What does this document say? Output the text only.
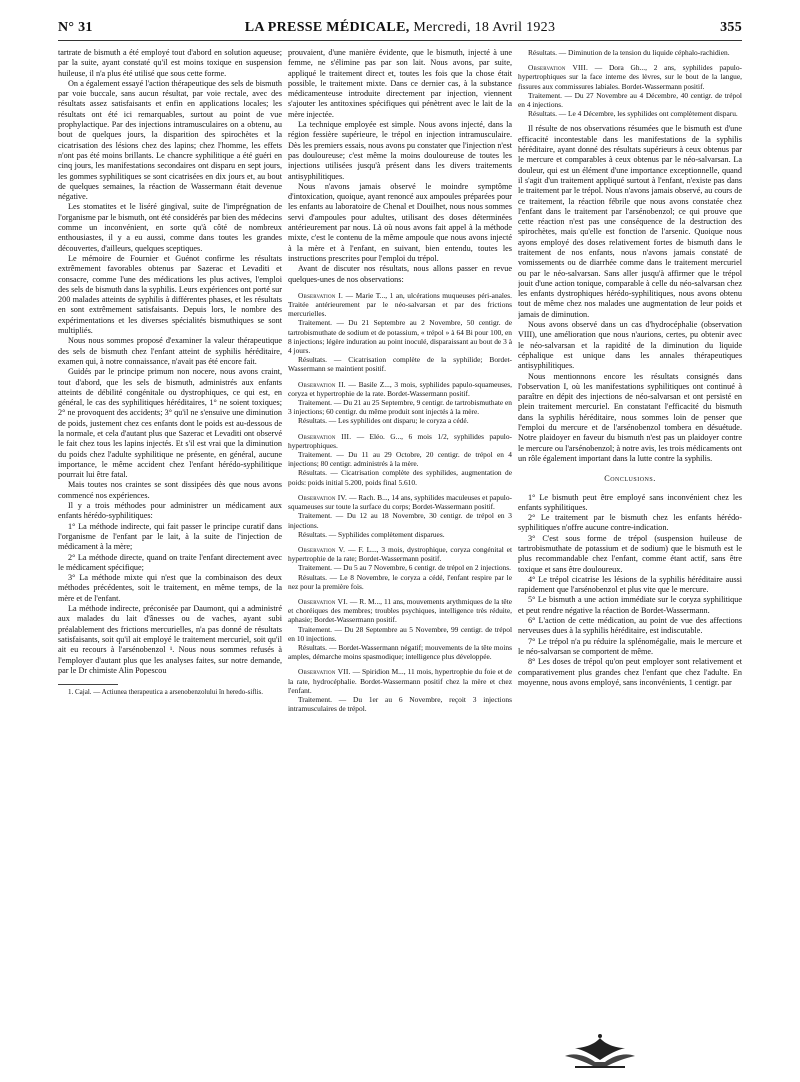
N° 31	LA PRESSE MÉDICALE, Mercredi, 18 Avril 1923	355

tartrate de bismuth a été employé tout d'abord en solution aqueuse; par la suite, ayant constaté qu'il est moins toxique en suspension huileuse, il n'a plus été utilisé que sous cette forme.

On a également essayé l'action thérapeutique des sels de bismuth par voie buccale, sans aucun résultat, par voie rectale, avec des résultats assez satisfaisants et enfin en applications locales; les résultats ont été ici remarquables, surtout au point de vue prophylactique. Par des injections intramusculaires on a obtenu, au bout de quelques jours, la disparition des spirochètes et la cicatrisation des lésions chez des lapins; chez l'homme, les effets n'ont pas été moins brillants. Le chancre syphilitique a été guéri en cinq jours, les manifestations secondaires ont disparu en sept jours, les gommes syphilitiques se sont cicatrisées en dix jours et, au bout de quelques semaines, la réaction de Wassermann était devenue négative.

Les stomatites et le liséré gingival, suite de l'imprégnation de l'organisme par le bismuth, ont été considérés par bien des médecins comme un inconvénient, en sorte qu'à côté de nombreux enthousiastes, il y a eu aussi, comme dans toutes les grandes découvertes, d'ailleurs, quelques sceptiques.

Le mémoire de Fournier et Guénot confirme les résultats extrêmement favorables obtenus par Sazerac et Levaditi et consacre, comme l'une des médications les plus actives, l'emploi des sels de bismuth dans la syphilis. Leurs expériences ont porté sur 200 malades atteints de syphilis à différentes phases, et les résultats en sont extrêmement satisfaisants. Depuis lors, le nombre des expérimentations et les diverses spécialités bismuthiques se sont multipliés.

Nous nous sommes proposé d'examiner la valeur thérapeutique des sels de bismuth chez l'enfant atteint de syphilis héréditaire, examen qui, à notre connaissance, n'avait pas été encore fait.

Guidés par le principe primum non nocere, nous avons craint, tout d'abord, que les sels de bismuth, administrés aux enfants atteints de débilité congénitale ou dystrophiques, ce qui est, en général, le cas des syphilitiques héréditaires, 1° ne soient toxiques; 2° ne provoquent des accidents; 3° qu'il ne s'ensuive une diminution de poids, justement chez ces enfants dont le poids est au-dessous de la normale, et cela d'autant plus que Sazerac et Levaditi ont observé le fait chez tous les lapins injectés. Et s'il est vrai que la diminution du poids chez l'adulte syphilitique ne présente, en général, aucune importance, le même accident chez l'enfant hérédo-syphilitique pourrait lui être fatal.

Mais toutes nos craintes se sont dissipées dès que nous avons commencé nos expériences.

Il y a trois méthodes pour administrer un médicament aux enfants hérédo-syphilitiques:

1° La méthode indirecte, qui fait passer le principe curatif dans l'organisme de l'enfant par le lait, à la suite de l'injection de médicament à la mère;

2° La méthode directe, quand on traite l'enfant directement avec le médicament spécifique;

3° La méthode mixte qui n'est que la combinaison des deux méthodes précédentes, soit le traitement, en même temps, de la mère et de l'enfant.

La méthode indirecte, préconisée par Daumont, qui a administré aux malades du lait d'ânesses ou de vaches, ayant subi préalablement des frictions mercurielles, n'a pas donné de résultats satisfaisants, soit qu'il ait employé le traitement mercuriel, soit qu'il ait eu recours à l'arsénobenzol ¹. Nous nous sommes refusés à l'employer d'autant plus que les analyses faites, sur notre demande, par le Dr chimiste Alin Popescou

1. Cajal. — Actiunea therapeutica a arsenobenzolului în heredo-siflis.

prouvaient, d'une manière évidente, que le bismuth, injecté à une femme, ne s'élimine pas par son lait. Nous avons, par suite, appliqué le traitement direct et, toutes les fois que la chose était possible, le traitement mixte. Dans ce dernier cas, à la substance médicamenteuse introduite directement par injection, viennent s'ajouter les antitoxines spécifiques qui pénètrent avec le lait de la mère injectée.

La technique employée est simple. Nous avons injecté, dans la région fessière supérieure, le trépol en injection intramusculaire. Dès les premiers essais, nous avons pu constater que l'injection n'est pas douloureuse; c'est même la moins douloureuse de toutes les injections utilisées jusqu'à présent dans les divers traitements antisyphilitiques.

Nous n'avons jamais observé le moindre symptôme d'intoxication, quoique, ayant renoncé aux ampoules préparées pour les enfants au laboratoire de Chenal et Douilhet, nous nous sommes servi d'ampoules pour adultes, utilisant des doses déterminées antérieurement par nous. Là où nous avons fait appel à la méthode mixte, c'est le contenu de la même ampoule que nous avons injecté à la mère et à l'enfant, en suivant, bien entendu, toutes les instructions prescrites pour l'emploi du trépol.

Avant de discuter nos résultats, nous allons passer en revue quelques-unes de nos observations:

Observation I. — Marie T..., 1 an, ulcérations muqueuses péri-anales. Traitée antérieurement par le néo-salvarsan et par des frictions mercurielles.

Traitement. — Du 21 Septembre au 2 Novembre, 50 centigr. de tartrobismuthate de sodium et de potassium, « trépol » à 64 Bi pour 100, en 8 injections; légère induration au point inoculé, disparaissant au bout de 3 à 4 jours.

Résultats. — Cicatrisation complète de la syphilide; Bordet-Wassermann se maintient positif.

Observation II. — Basile Z..., 3 mois, syphilides papulo-squameuses, coryza et hypertrophie de la rate. Bordet-Wassermann positif.

Traitement. — Du 21 au 25 Septembre, 9 centigr. de tartrobismuthate en 3 injections; 60 centigr. du même produit sont injectés à la mère.

Résultats. — Les syphilides ont disparu; le coryza a cédé.

Observation III. — Eléo. G..., 6 mois 1/2, syphilides papulo-hypertrophiques.

Traitement. — Du 11 au 29 Octobre, 20 centigr. de trépol en 4 injections; 80 centigr. administrés à la mère.

Résultats. — Cicatrisation complète des syphilides, augmentation de poids: poids initial 5.200, poids final 5.610.

Observation IV. — Rach. B..., 14 ans, syphilides maculeuses et papulo-squameuses sur toute la surface du corps; Bordet-Wassermann positif.

Traitement. — Du 12 au 18 Novembre, 30 centigr. de trépol en 3 injections.

Résultats. — Syphilides complètement disparues.

Observation V. — F. L..., 3 mois, dystrophique, coryza congénital et hypertrophie de la rate; Bordet-Wassermann positif.

Traitement. — Du 5 au 7 Novembre, 6 centigr. de trépol en 2 injections.

Résultats. — Le 8 Novembre, le coryza a cédé, l'enfant respire par le nez pour la première fois.

Observation VI. — R. M..., 11 ans, mouvements arythmiques de la tête et choréiques des membres; troubles psychiques, intelligence très réduite, aphasie; Bordet-Wassermann positif.

Traitement. — Du 28 Septembre au 5 Novembre, 99 centigr. de trépol en 10 injections.

Résultats. — Bordet-Wassermann négatif; mouvements de la tête moins amples, démarche moins spasmodique; intelligence plus développée.

Observation VII. — Spiridion M..., 11 mois, hypertrophie du foie et de la rate, hydrocéphalie. Bordet-Wassermann positif chez la mère et chez l'enfant.

Traitement. — Du 1er au 6 Novembre, reçoit 3 injections intramusculaires de trépol.

Résultats. — Diminution de la tension du liquide céphalo-rachidien.

Observation VIII. — Dora Gh..., 2 ans, syphilides papulo-hypertrophiques sur la face interne des lèvres, sur le bout de la langue, fissures aux commissures labiales. Bordet-Wassermann positif.

Traitement. — Du 27 Novembre au 4 Décembre, 40 centigr. de trépol en 4 injections.

Résultats. — Le 4 Décembre, les syphilides ont complètement disparu.

Il résulte de nos observations résumées que le bismuth est d'une efficacité incontestable dans les manifestations de la syphilis héréditaire, ayant donné des résultats supérieurs à ceux obtenus par le mercure et comparables à ceux obtenus par le néo-salvarsan. La douleur, qui est un élément d'une importance exceptionnelle, quand il s'agit d'un traitement appliqué surtout à l'enfant, n'existe pas dans le traitement par le trépol. Nous n'avons jamais observé, au cours de ce traitement, la réaction fébrile que nous avons constatée chez l'enfant dans le traitement par l'arsénobenzol; ce qui prouve que cette réaction n'est pas une conséquence de la destruction des spirochètes, mais qu'elle est fonction de l'arsenic. Quoique nous ayons employé des doses relativement fortes de bismuth dans le traitement de nos enfants, nous n'avons jamais constaté de vomissements ou de diarrhée comme dans le traitement mercuriel ou par le néo-salvarsan. Sans aller jusqu'à affirmer que le trépol jouit d'une action tonique, comparable à celle du néo-salvarsan chez les enfants dystrophiques hérédo-syphilitiques, nous avons obtenu tout de même chez nos malades une augmentation de leur poids et jamais de diminution.

Nous avons observé dans un cas d'hydrocéphalie (observation VIII), une amélioration que nous n'aurions, certes, pu obtenir avec le néo-salvarsan et la rapidité de la diminution du liquide céphalique est unique dans les annales thérapeutiques antisyphilitiques.

Nous mentionnons encore les résultats consignés dans l'observation I, où les manifestations syphilitiques ont continué à paraître en dépit des injections de néo-salvarsan et ont persisté en plein traitement mercuriel. En constatant l'efficacité du bismuth dans la syphilis héréditaire, nous sommes loin de penser que l'emploi du mercure et de l'arsénobenzol tombera en désuétude. Notre plaidoyer en faveur du bismuth n'est pas un plaidoyer contre le mercure ou l'arsénobenzol; à notre avis, les trois médicaments ont un rôle également important dans la lutte contre la syphilis.

Conclusions.

1° Le bismuth peut être employé sans inconvénient chez les enfants syphilitiques.

2° Le traitement par le bismuth chez les enfants hérédo-syphilitiques n'offre aucune contre-indication.

3° C'est sous forme de trépol (suspension huileuse de tartrobismuthate de potassium et de sodium) que le bismuth est le plus recommandable chez l'enfant, comme étant actif, sans être toxique et sans être douloureux.

4° Le trépol cicatrise les lésions de la syphilis héréditaire aussi rapidement que l'arsénobenzol et plus vite que le mercure.

5° Le bismuth a une action immédiate sur le coryza syphilitique et peut rendre négative la réaction de Bordet-Wassermann.

6° L'action de cette médication, au point de vue des affections nerveuses dues à la syphilis héréditaire, est indiscutable.

7° Le trépol n'a pu réduire la splénomégalie, mais le mercure et le néo-salvarsan se comportent de même.

8° Les doses de trépol qu'on peut employer sont relativement et comparativement plus grandes chez l'enfant que chez l'adulte. En moyenne, nous avons employé, sans inconvénients, 1 centigr. par
